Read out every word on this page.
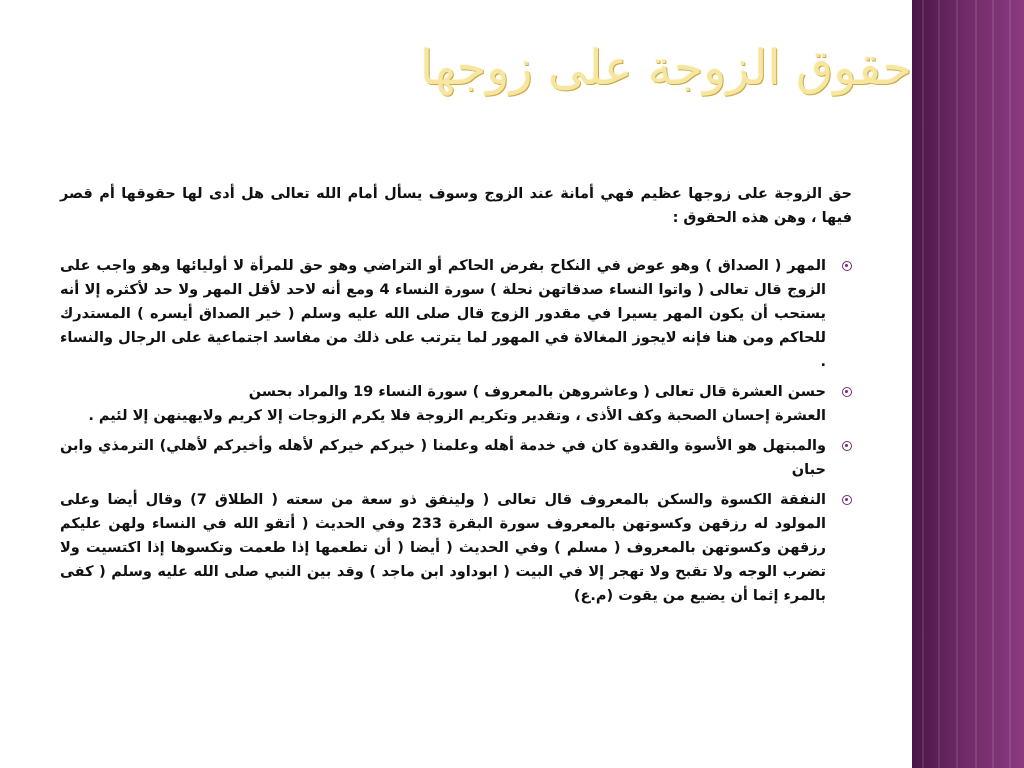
حقوق الزوجة على زوجها

حق الزوجة على زوجها عظيم فهي أمانة عند الزوج وسوف يسأل أمام الله تعالى هل أدى لها حقوقها أم قصر فيها ، وهن هذه الحقوق :

المهر ( الصداق ) وهو عوض في النكاح بفرض الحاكم أو التراضي وهو حق للمرأة لا أوليائها وهو واجب على الزوج قال تعالى ( واتوا النساء صدقاتهن نحلة ) سورة النساء 4 ومع أنه لاحد لأقل المهر ولا حد لأكثره إلا أنه يستحب أن يكون المهر يسيرا في مقدور الزوج قال صلى الله عليه وسلم ( خير الصداق أيسره ) المستدرك للحاكم ومن هنا فإنه لايجوز المغالاة في المهور لما يترتب على ذلك من مفاسد اجتماعية على الرجال والنساء .

حسن العشرة قال تعالى ( وعاشروهن بالمعروف ) سورة النساء 19 والمراد بحسن

العشرة إحسان الصحبة وكف الأذى ، وتقدير وتكريم الزوجة فلا يكرم الزوجات إلا كريم ولايهينهن إلا لئيم .

والمبتهل هو الأسوة والقدوة كان في خدمة أهله وعلمنا ( خيركم خيركم لأهله وأخيركم لأهلي) الترمذي وابن حبان

النفقة الكسوة والسكن بالمعروف قال تعالى ( ولينفق ذو سعة من سعته ( الطلاق 7) وقال أيضا وعلى المولود له رزقهن وكسوتهن بالمعروف سورة البقرة 233 وفي الحديث ( أتقو الله في النساء ولهن عليكم رزقهن وكسوتهن بالمعروف ( مسلم ) وفي الحديث ( أيضا ( أن تطعمها إذا طعمت وتكسوها إذا اكتسيت ولا تضرب الوجه ولا تقبح ولا تهجر إلا في البيت ( ابوداود ابن ماجد ) وقد بين النبي صلى الله عليه وسلم ( كفى بالمرء إثما أن يضيع من يقوت (م.ع)
